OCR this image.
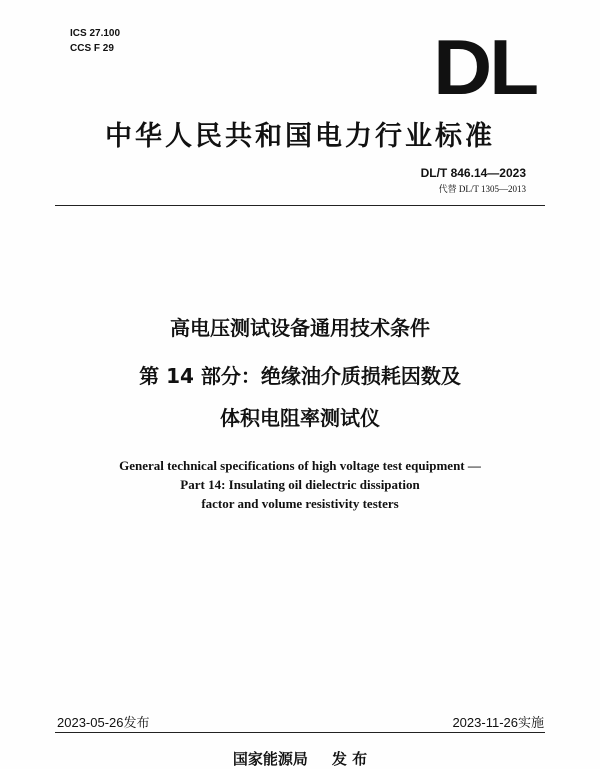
ICS 27.100
CCS F 29	DL
中华人民共和国电力行业标准
DL/T 846.14—2023
代替 DL/T 1305—2013
高电压测试设备通用技术条件
第 14 部分：绝缘油介质损耗因数及
体积电阻率测试仪
General technical specifications of high voltage test equipment —
Part 14: Insulating oil dielectric dissipation
factor and volume resistivity testers
2023-05-26发布	2023-11-26实施
国家能源局 发 布
